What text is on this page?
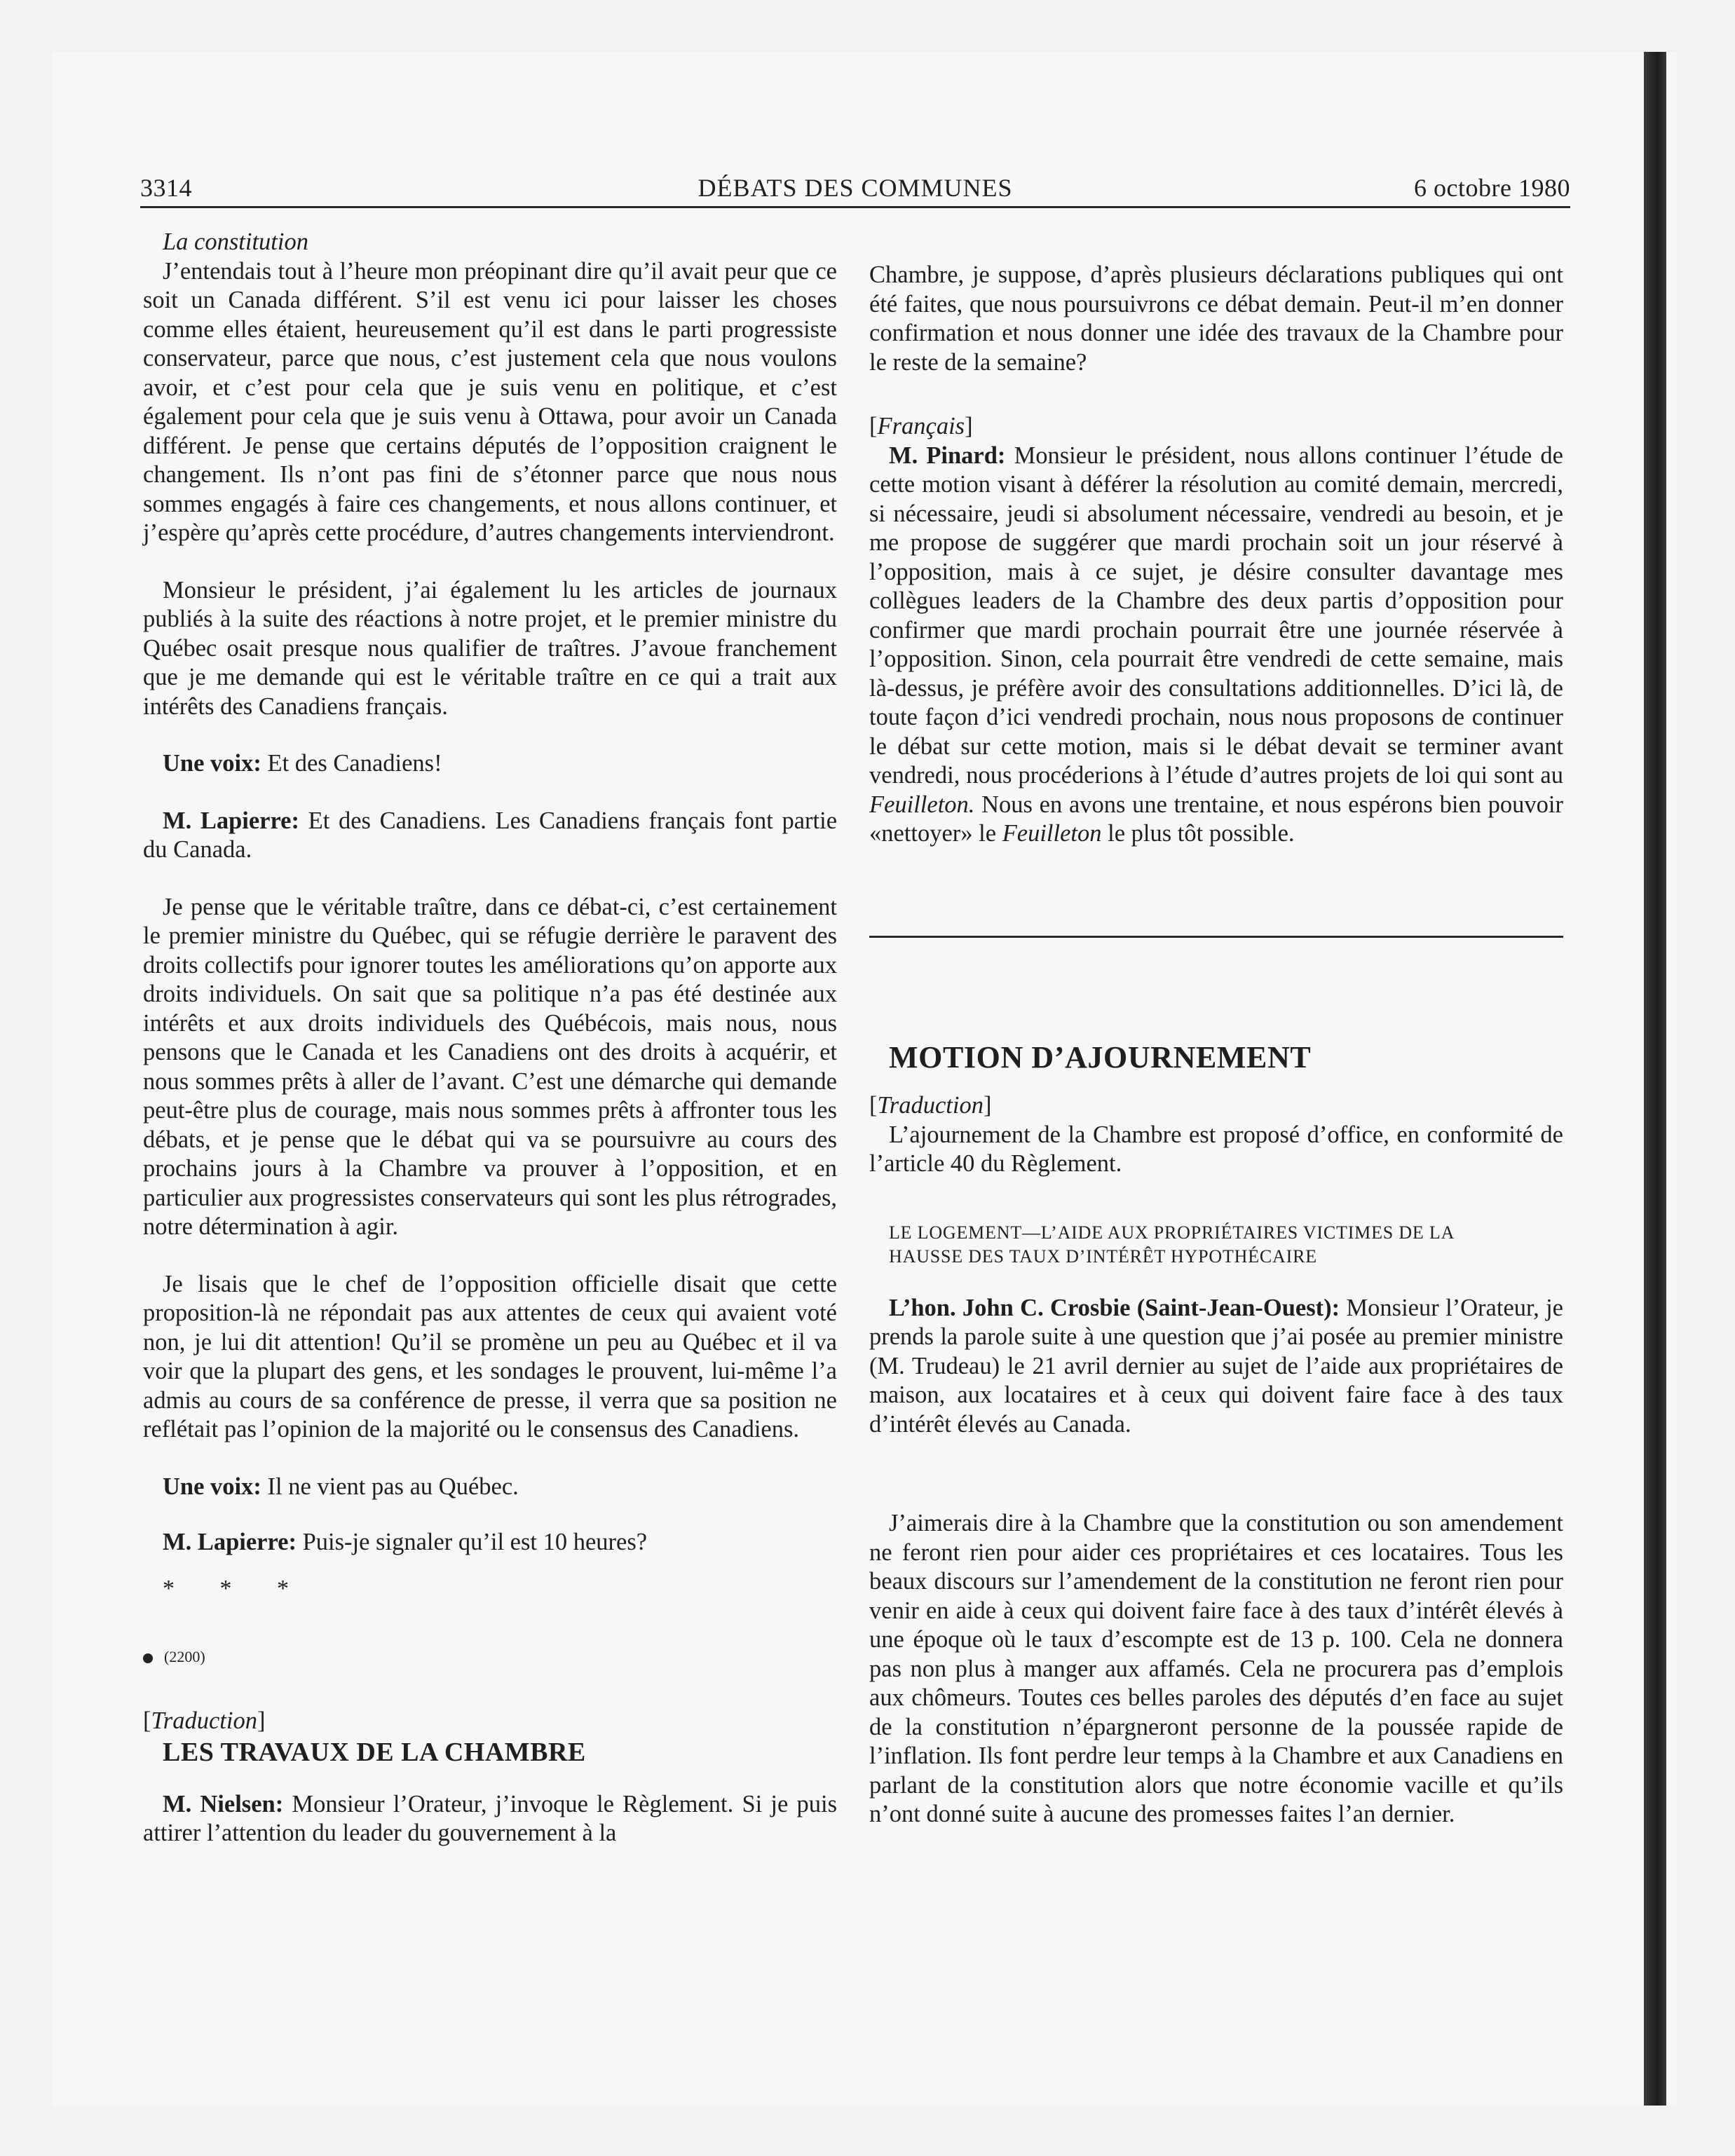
3314	DÉBATS DES COMMUNES	6 octobre 1980

La constitution

J’entendais tout à l’heure mon préopinant dire qu’il avait peur que ce soit un Canada différent. S’il est venu ici pour laisser les choses comme elles étaient, heureusement qu’il est dans le parti progressiste conservateur, parce que nous, c’est justement cela que nous voulons avoir, et c’est pour cela que je suis venu en politique, et c’est également pour cela que je suis venu à Ottawa, pour avoir un Canada différent. Je pense que certains députés de l’opposition craignent le changement. Ils n’ont pas fini de s’étonner parce que nous nous sommes engagés à faire ces changements, et nous allons continuer, et j’espère qu’après cette procédure, d’autres changements interviendront.

Monsieur le président, j’ai également lu les articles de journaux publiés à la suite des réactions à notre projet, et le premier ministre du Québec osait presque nous qualifier de traîtres. J’avoue franchement que je me demande qui est le véritable traître en ce qui a trait aux intérêts des Canadiens français.

Une voix: Et des Canadiens!

M. Lapierre: Et des Canadiens. Les Canadiens français font partie du Canada.

Je pense que le véritable traître, dans ce débat-ci, c’est certainement le premier ministre du Québec, qui se réfugie derrière le paravent des droits collectifs pour ignorer toutes les améliorations qu’on apporte aux droits individuels. On sait que sa politique n’a pas été destinée aux intérêts et aux droits individuels des Québécois, mais nous, nous pensons que le Canada et les Canadiens ont des droits à acquérir, et nous sommes prêts à aller de l’avant. C’est une démarche qui demande peut-être plus de courage, mais nous sommes prêts à affronter tous les débats, et je pense que le débat qui va se poursuivre au cours des prochains jours à la Chambre va prouver à l’opposition, et en particulier aux progressistes conservateurs qui sont les plus rétrogrades, notre détermination à agir.

Je lisais que le chef de l’opposition officielle disait que cette proposition-là ne répondait pas aux attentes de ceux qui avaient voté non, je lui dit attention! Qu’il se promène un peu au Québec et il va voir que la plupart des gens, et les sondages le prouvent, lui-même l’a admis au cours de sa conférence de presse, il verra que sa position ne reflétait pas l’opinion de la majorité ou le consensus des Canadiens.

Une voix: Il ne vient pas au Québec.

M. Lapierre: Puis-je signaler qu’il est 10 heures?

* * *

(2200)

[Traduction]

LES TRAVAUX DE LA CHAMBRE

M. Nielsen: Monsieur l’Orateur, j’invoque le Règlement. Si je puis attirer l’attention du leader du gouvernement à la

Chambre, je suppose, d’après plusieurs déclarations publiques qui ont été faites, que nous poursuivrons ce débat demain. Peut-il m’en donner confirmation et nous donner une idée des travaux de la Chambre pour le reste de la semaine?

[Français]

M. Pinard: Monsieur le président, nous allons continuer l’étude de cette motion visant à déférer la résolution au comité demain, mercredi, si nécessaire, jeudi si absolument nécessaire, vendredi au besoin, et je me propose de suggérer que mardi prochain soit un jour réservé à l’opposition, mais à ce sujet, je désire consulter davantage mes collègues leaders de la Chambre des deux partis d’opposition pour confirmer que mardi prochain pourrait être une journée réservée à l’opposition. Sinon, cela pourrait être vendredi de cette semaine, mais là-dessus, je préfère avoir des consultations additionnelles. D’ici là, de toute façon d’ici vendredi prochain, nous nous proposons de continuer le débat sur cette motion, mais si le débat devait se terminer avant vendredi, nous procéderions à l’étude d’autres projets de loi qui sont au Feuilleton. Nous en avons une trentaine, et nous espérons bien pouvoir «nettoyer» le Feuilleton le plus tôt possible.

MOTION D’AJOURNEMENT

[Traduction]

L’ajournement de la Chambre est proposé d’office, en conformité de l’article 40 du Règlement.

LE LOGEMENT—L’AIDE AUX PROPRIÉTAIRES VICTIMES DE LA

HAUSSE DES TAUX D’INTÉRÊT HYPOTHÉCAIRE

L’hon. John C. Crosbie (Saint-Jean-Ouest): Monsieur l’Orateur, je prends la parole suite à une question que j’ai posée au premier ministre (M. Trudeau) le 21 avril dernier au sujet de l’aide aux propriétaires de maison, aux locataires et à ceux qui doivent faire face à des taux d’intérêt élevés au Canada.

J’aimerais dire à la Chambre que la constitution ou son amendement ne feront rien pour aider ces propriétaires et ces locataires. Tous les beaux discours sur l’amendement de la constitution ne feront rien pour venir en aide à ceux qui doivent faire face à des taux d’intérêt élevés à une époque où le taux d’escompte est de 13 p. 100. Cela ne donnera pas non plus à manger aux affamés. Cela ne procurera pas d’emplois aux chômeurs. Toutes ces belles paroles des députés d’en face au sujet de la constitution n’épargneront personne de la poussée rapide de l’inflation. Ils font perdre leur temps à la Chambre et aux Canadiens en parlant de la constitution alors que notre économie vacille et qu’ils n’ont donné suite à aucune des promesses faites l’an dernier.
